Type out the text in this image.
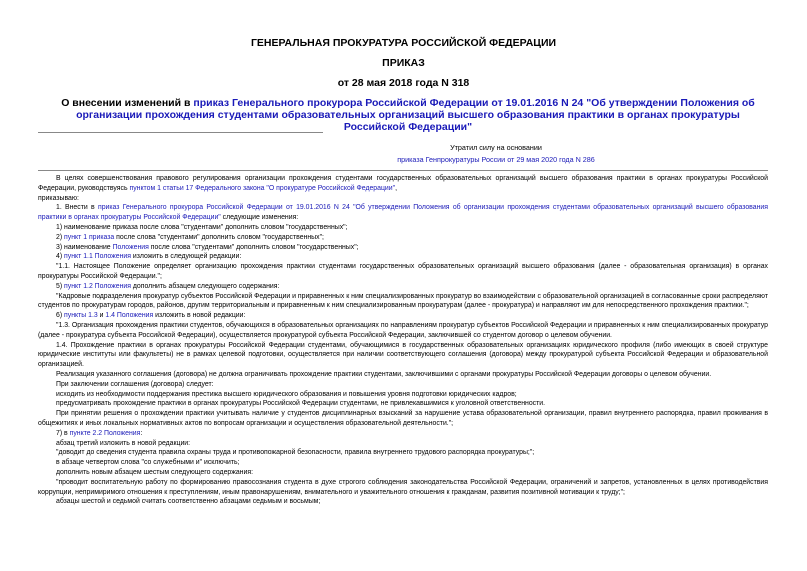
ГЕНЕРАЛЬНАЯ ПРОКУРАТУРА РОССИЙСКОЙ ФЕДЕРАЦИИ
ПРИКАЗ
от 28 мая 2018 года N 318
О внесении изменений в приказ Генерального прокурора Российской Федерации от 19.01.2016 N 24 "Об утверждении Положения об организации прохождения студентами образовательных организаций высшего образования практики в органах прокуратуры Российской Федерации"
Утратил силу на основании
приказа Генпрокуратуры России от 29 мая 2020 года N 286

В целях совершенствования правового регулирования организации прохождения студентами государственных образовательных организаций высшего образования практики в органах прокуратуры Российской Федерации, руководствуясь пунктом 1 статьи 17 Федерального закона "О прокуратуре Российской Федерации",

приказываю:

1. Внести в приказ Генерального прокурора Российской Федерации от 19.01.2016 N 24 "Об утверждении Положения об организации прохождения студентами образовательных организаций высшего образования практики в органах прокуратуры Российской Федерации" следующие изменения:

1) наименование приказа после слова "студентами" дополнить словом "государственных";

2) пункт 1 приказа после слова "студентами" дополнить словом "государственных";

3) наименование Положения после слова "студентами" дополнить словом "государственных";

4) пункт 1.1 Положения изложить в следующей редакции:

"1.1. Настоящее Положение определяет организацию прохождения практики студентами государственных образовательных организаций высшего образования (далее - образовательная организация) в органах прокуратуры Российской Федерации.";

5) пункт 1.2 Положения дополнить абзацем следующего содержания:

"Кадровые подразделения прокуратур субъектов Российской Федерации и приравненных к ним специализированных прокуратур во взаимодействии с образовательной организацией в согласованные сроки распределяют студентов по прокуратурам городов, районов, другим территориальным и приравненным к ним специализированным прокуратурам (далее - прокуратура) и направляют им для непосредственного прохождения практики.";

6) пункты 1.3 и 1.4 Положения изложить в новой редакции:

"1.3. Организация прохождения практики студентов, обучающихся в образовательных организациях по направлениям прокуратур субъектов Российской Федерации и приравненных к ним специализированных прокуратур (далее - прокуратура субъекта Российской Федерации), осуществляется прокуратурой субъекта Российской Федерации, заключившей со студентом договор о целевом обучении.

1.4. Прохождение практики в органах прокуратуры Российской Федерации студентами, обучающимися в государственных образовательных организациях юридического профиля (либо имеющих в своей структуре юридические институты или факультеты) не в рамках целевой подготовки, осуществляется при наличии соответствующего соглашения (договора) между прокуратурой субъекта Российской Федерации и образовательной организацией.

Реализация указанного соглашения (договора) не должна ограничивать прохождение практики студентами, заключившими с органами прокуратуры Российской Федерации договоры о целевом обучении.

При заключении соглашения (договора) следует:

исходить из необходимости поддержания престижа высшего юридического образования и повышения уровня подготовки юридических кадров;

предусматривать прохождение практики в органах прокуратуры Российской Федерации студентами, не привлекавшимися к уголовной ответственности.

При принятии решения о прохождении практики учитывать наличие у студентов дисциплинарных взысканий за нарушение устава образовательной организации, правил внутреннего распорядка, правил проживания в общежитиях и иных локальных нормативных актов по вопросам организации и осуществления образовательной деятельности.";

7) в пункте 2.2 Положения:

абзац третий изложить в новой редакции:

"доводит до сведения студента правила охраны труда и противопожарной безопасности, правила внутреннего трудового распорядка прокуратуры;";

в абзаце четвертом слова "со служебными и" исключить;

дополнить новым абзацем шестым следующего содержания:

"проводит воспитательную работу по формированию правосознания студента в духе строгого соблюдения законодательства Российской Федерации, ограничений и запретов, установленных в целях противодействия коррупции, непримиримого отношения к преступлениям, иным правонарушениям, внимательного и уважительного отношения к гражданам, развития позитивной мотивации к труду;";

абзацы шестой и седьмой считать соответственно абзацами седьмым и восьмым;
